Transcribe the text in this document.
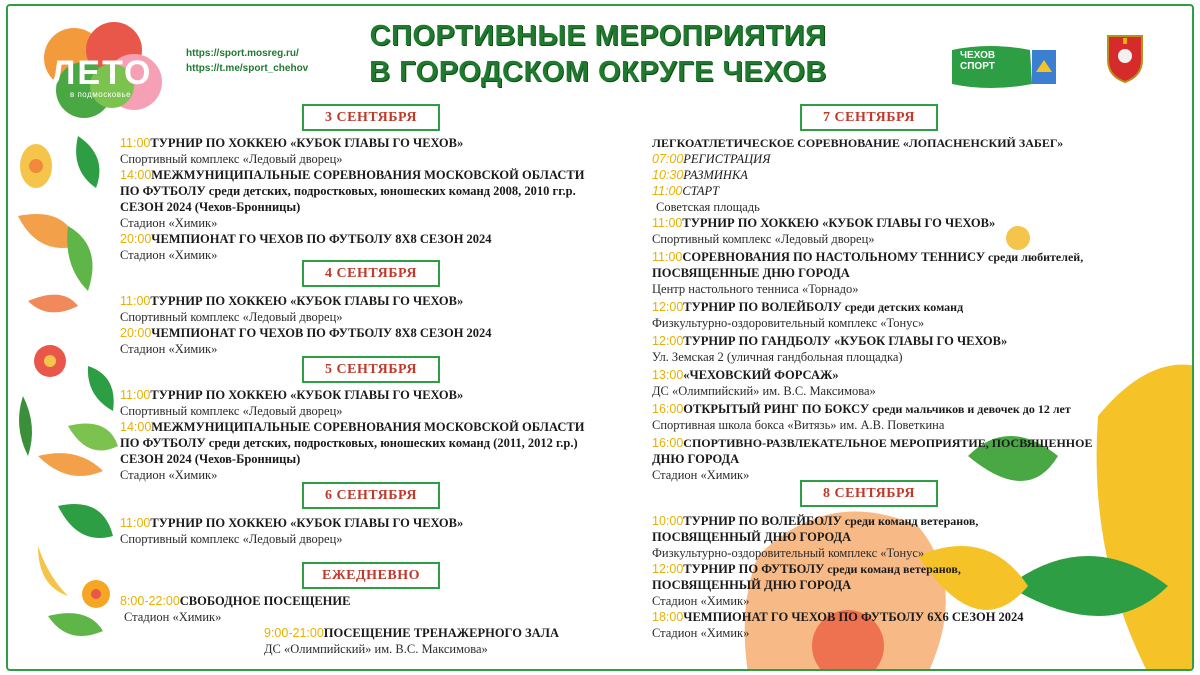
ЛЕТО
в подмосковье
https://sport.mosreg.ru/
https://t.me/sport_chehov
СПОРТИВНЫЕ МЕРОПРИЯТИЯ
В ГОРОДСКОМ ОКРУГЕ ЧЕХОВ
ЧЕХОВ
СПОРТ
3 СЕНТЯБРЯ
11:00ТУРНИР ПО ХОККЕЮ «КУБОК ГЛАВЫ ГО ЧЕХОВ»
Спортивный комплекс «Ледовый дворец»
14:00МЕЖМУНИЦИПАЛЬНЫЕ СОРЕВНОВАНИЯ МОСКОВСКОЙ ОБЛАСТИ
ПО ФУТБОЛУ среди детских, подростковых, юношеских команд 2008, 2010 гг.р.
СЕЗОН 2024 (Чехов-Бронницы)
Стадион «Химик»
20:00ЧЕМПИОНАТ ГО ЧЕХОВ ПО ФУТБОЛУ 8Х8 СЕЗОН 2024
Стадион «Химик»
4 СЕНТЯБРЯ
11:00ТУРНИР ПО ХОККЕЮ «КУБОК ГЛАВЫ ГО ЧЕХОВ»
Спортивный комплекс «Ледовый дворец»
20:00ЧЕМПИОНАТ ГО ЧЕХОВ ПО ФУТБОЛУ 8Х8 СЕЗОН 2024
Стадион «Химик»
5 СЕНТЯБРЯ
11:00ТУРНИР ПО ХОККЕЮ «КУБОК ГЛАВЫ ГО ЧЕХОВ»
Спортивный комплекс «Ледовый дворец»
14:00МЕЖМУНИЦИПАЛЬНЫЕ СОРЕВНОВАНИЯ МОСКОВСКОЙ ОБЛАСТИ
ПО ФУТБОЛУ среди детских, подростковых, юношеских команд (2011, 2012 г.р.)
СЕЗОН 2024 (Чехов-Бронницы)
Стадион «Химик»
6 СЕНТЯБРЯ
11:00ТУРНИР ПО ХОККЕЮ «КУБОК ГЛАВЫ ГО ЧЕХОВ»
Спортивный комплекс «Ледовый дворец»
ЕЖЕДНЕВНО
8:00-22:00СВОБОДНОЕ ПОСЕЩЕНИЕ
Стадион «Химик»
9:00-21:00ПОСЕЩЕНИЕ ТРЕНАЖЕРНОГО ЗАЛА
ДС «Олимпийский» им. В.С. Максимова»
7 СЕНТЯБРЯ
ЛЕГКОАТЛЕТИЧЕСКОЕ СОРЕВНОВАНИЕ «ЛОПАСНЕНСКИЙ ЗАБЕГ»
07:00РЕГИСТРАЦИЯ
10:30РАЗМИНКА
11:00СТАРТ
Советская площадь
11:00ТУРНИР ПО ХОККЕЮ «КУБОК ГЛАВЫ ГО ЧЕХОВ»
Спортивный комплекс «Ледовый дворец»
11:00СОРЕВНОВАНИЯ ПО НАСТОЛЬНОМУ ТЕННИСУ среди любителей,
ПОСВЯЩЕННЫЕ ДНЮ ГОРОДА
Центр настольного тенниса «Торнадо»
12:00ТУРНИР ПО ВОЛЕЙБОЛУ среди детских команд
Физкультурно-оздоровительный комплекс «Тонус»
12:00ТУРНИР ПО ГАНДБОЛУ «КУБОК ГЛАВЫ ГО ЧЕХОВ»
Ул. Земская 2 (уличная гандбольная площадка)
13:00«ЧЕХОВСКИЙ ФОРСАЖ»
ДС «Олимпийский» им. В.С. Максимова»
16:00ОТКРЫТЫЙ РИНГ ПО БОКСУ среди мальчиков и девочек до 12 лет
Спортивная школа бокса «Витязь» им. А.В. Поветкина
16:00СПОРТИВНО-РАЗВЛЕКАТЕЛЬНОЕ МЕРОПРИЯТИЕ, ПОСВЯЩЕННОЕ
ДНЮ ГОРОДА
Стадион «Химик»
8 СЕНТЯБРЯ
10:00ТУРНИР ПО ВОЛЕЙБОЛУ среди команд ветеранов,
ПОСВЯЩЕННЫЙ ДНЮ ГОРОДА
Физкультурно-оздоровительный комплекс «Тонус»
12:00ТУРНИР ПО ФУТБОЛУ среди команд ветеранов,
ПОСВЯЩЕННЫЙ ДНЮ ГОРОДА
Стадион «Химик»
18:00ЧЕМПИОНАТ ГО ЧЕХОВ ПО ФУТБОЛУ 6Х6 СЕЗОН 2024
Стадион «Химик»
